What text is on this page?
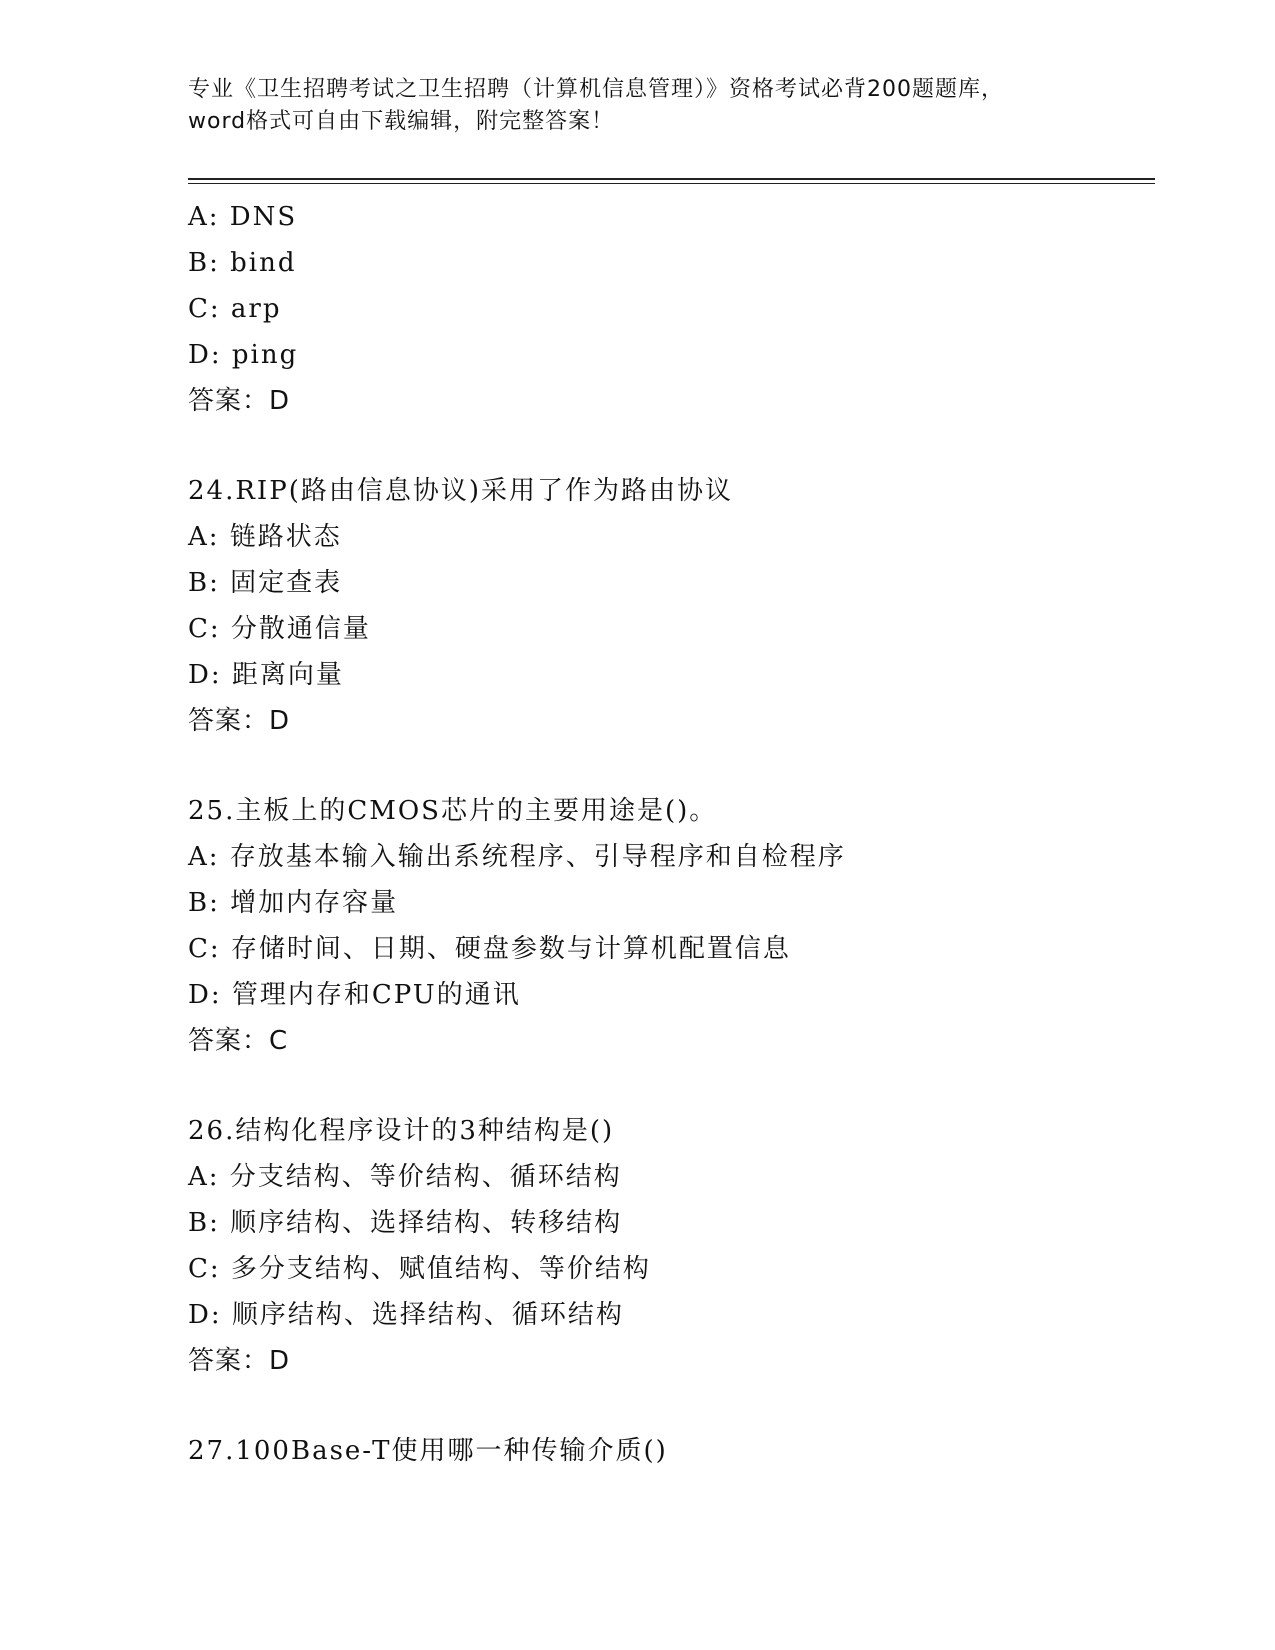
专业《卫生招聘考试之卫生招聘（计算机信息管理）》资格考试必背200题题库，
word格式可自由下载编辑，附完整答案！
A: DNS
B: bind
C: arp
D: ping
答案：D
24.RIP(路由信息协议)采用了作为路由协议
A: 链路状态
B: 固定查表
C: 分散通信量
D: 距离向量
答案：D
25.主板上的CMOS芯片的主要用途是()。
A: 存放基本输入输出系统程序、引导程序和自检程序
B: 增加内存容量
C: 存储时间、日期、硬盘参数与计算机配置信息
D: 管理内存和CPU的通讯
答案：C
26.结构化程序设计的3种结构是()
A: 分支结构、等价结构、循环结构
B: 顺序结构、选择结构、转移结构
C: 多分支结构、赋值结构、等价结构
D: 顺序结构、选择结构、循环结构
答案：D
27.100Base-T使用哪一种传输介质()
